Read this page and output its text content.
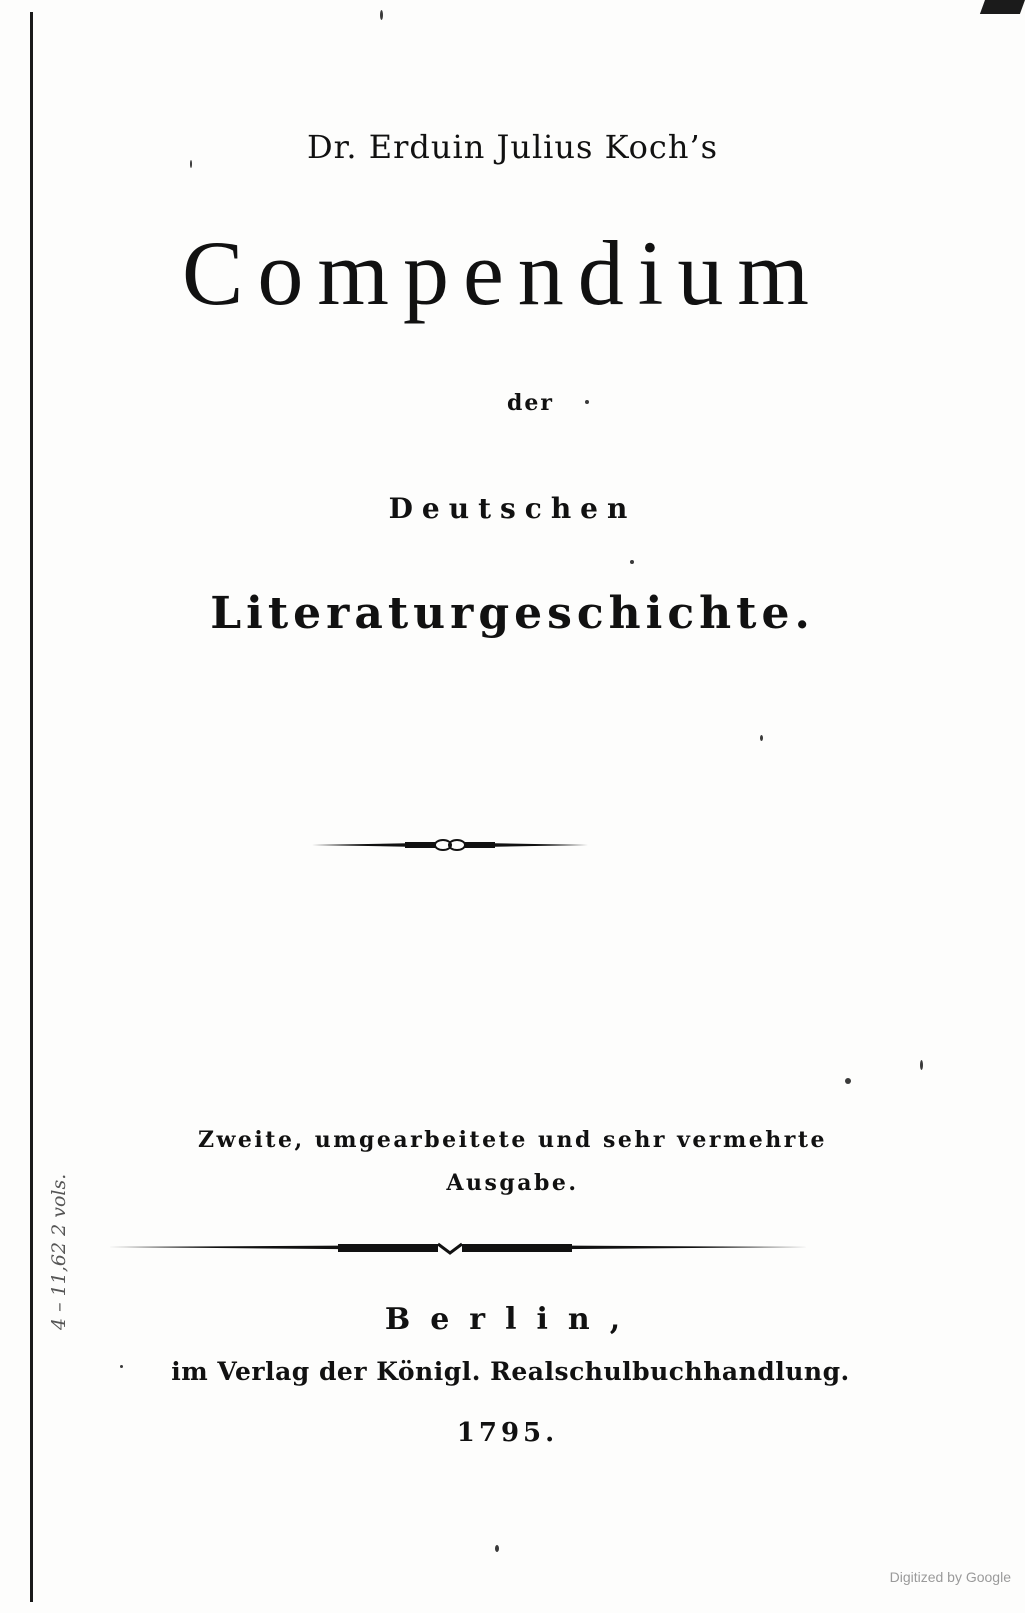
Dr. Erduin Julius Koch’s
Compendium
der
Deutschen
Literaturgeschichte.
Zweite, umgearbeitete und sehr vermehrte
Ausgabe.
Berlin,
im Verlag der Königl. Realschulbuchhandlung.
1795.
4 – 11,62 2 vols.
Digitized by Google
